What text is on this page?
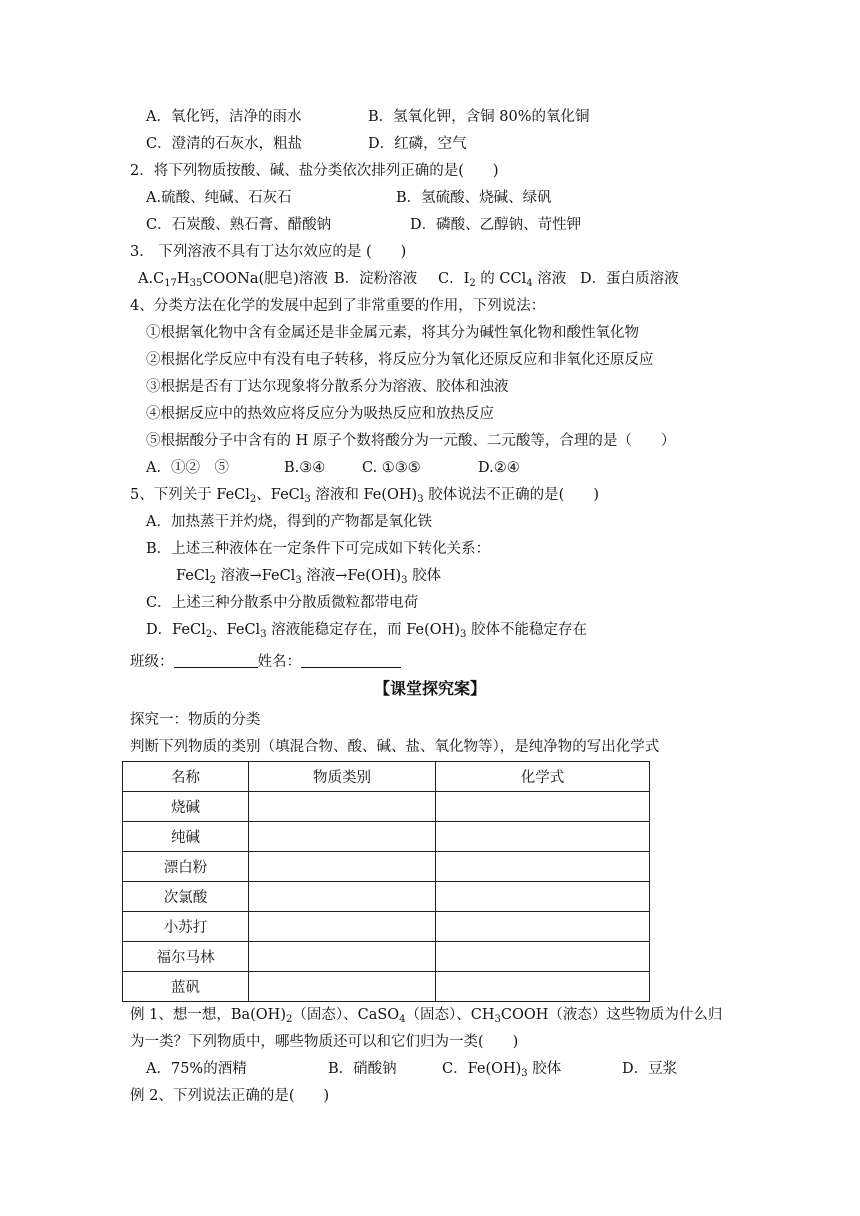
A．氧化钙，洁净的雨水	B．氢氧化钾，含铜 80%的氧化铜
C．澄清的石灰水，粗盐	D．红磷，空气
2．将下列物质按酸、碱、盐分类依次排列正确的是(　　)
A.硫酸、纯碱、石灰石	B．氢硫酸、烧碱、绿矾
C．石炭酸、熟石膏、醋酸钠	D．磷酸、乙醇钠、苛性钾
3.　下列溶液不具有丁达尔效应的是 (　　)
$A.C_{17}H_{35}COONa$(肥皂)溶液 B．淀粉溶液 C．$I_2$ 的 CCl$_4$ 溶液 D．蛋白质溶液
4、分类方法在化学的发展中起到了非常重要的作用，下列说法：
①根据氧化物中含有金属还是非金属元素，将其分为碱性氧化物和酸性氧化物
②根据化学反应中有没有电子转移，将反应分为氧化还原反应和非氧化还原反应
③根据是否有丁达尔现象将分散系分为溶液、胶体和浊液
④根据反应中的热效应将反应分为吸热反应和放热反应
⑤根据酸分子中含有的 H 原子个数将酸分为一元酸、二元酸等，合理的是（　　）
A．①②　⑤	B.③④	C. ①③⑤	D.②④
5、下列关于 FeCl$_2$、FeCl$_3$ 溶液和 $Fe(OH)_3$ 胶体说法不正确的是(　　)
A．加热蒸干并灼烧，得到的产物都是氧化铁
B．上述三种液体在一定条件下可完成如下转化关系：
FeCl$_2$ 溶液→FeCl$_3$ 溶液$\to Fe(OH)_3$ 胶体
C．上述三种分散系中分散质微粒都带电荷
D．FeCl$_2$、FeCl$_3$ 溶液能稳定存在，而 $Fe(OH)_3$ 胶体不能稳定存在
班级：	姓名：
【课堂探究案】
探究一：物质的分类
判断下列物质的类别（填混合物、酸、碱、盐、氧化物等），是纯净物的写出化学式
名称	物质类别	化学式
烧碱		
纯碱		
漂白粉		
次氯酸		
小苏打		
福尔马林		
蓝矾		
例 1、想一想，$Ba(OH)_2$（固态）、CaSO$_4$（固态）、$CH_3COOH$（液态）这些物质为什么归
为一类？下列物质中，哪些物质还可以和它们归为一类(　　)
A．75%的酒精	B．硝酸钠	C．$Fe(OH)_3$ 胶体	D．豆浆
例 2、下列说法正确的是(　　)
